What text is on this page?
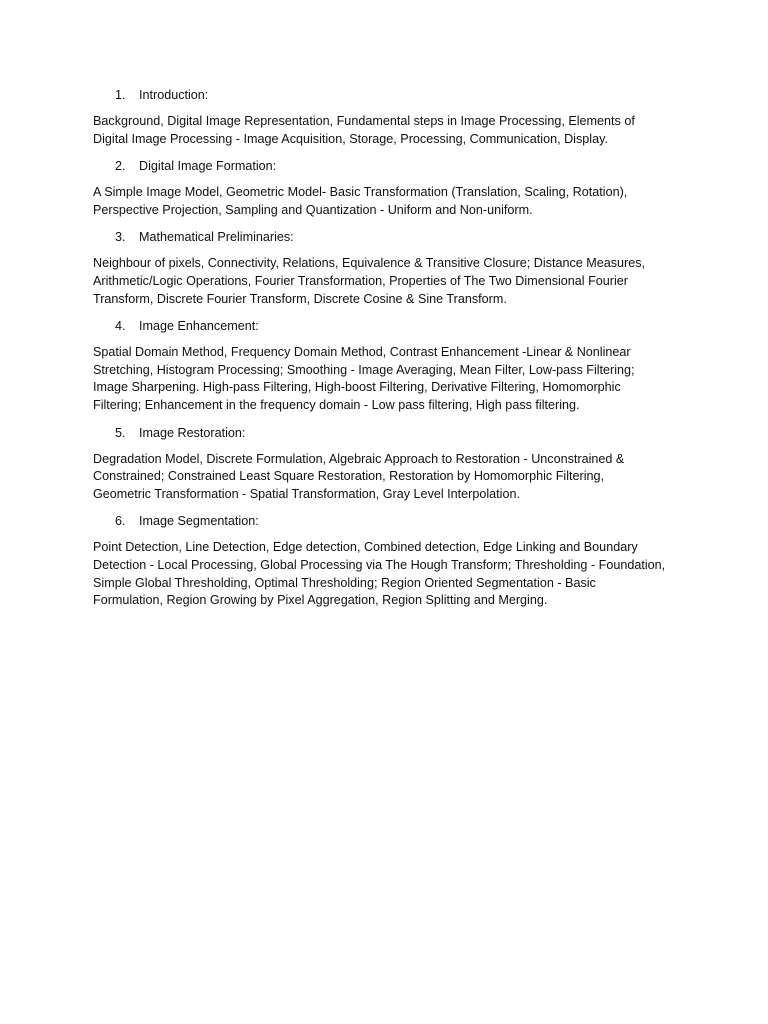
1.	Introduction:
Background, Digital Image Representation, Fundamental steps in Image Processing, Elements of
Digital Image Processing - Image Acquisition, Storage, Processing, Communication, Display.
2.	Digital Image Formation:
A Simple Image Model, Geometric Model- Basic Transformation (Translation, Scaling, Rotation),
Perspective Projection, Sampling and Quantization - Uniform and Non-uniform.
3.	Mathematical Preliminaries:
Neighbour of pixels, Connectivity, Relations, Equivalence & Transitive Closure; Distance Measures,
Arithmetic/Logic Operations, Fourier Transformation, Properties of The Two Dimensional Fourier
Transform, Discrete Fourier Transform, Discrete Cosine & Sine Transform.
4.	Image Enhancement:
Spatial Domain Method, Frequency Domain Method, Contrast Enhancement -Linear & Nonlinear
Stretching, Histogram Processing; Smoothing - Image Averaging, Mean Filter, Low-pass Filtering;
Image Sharpening. High-pass Filtering, High-boost Filtering, Derivative Filtering, Homomorphic
Filtering; Enhancement in the frequency domain - Low pass filtering, High pass filtering.
5.	Image Restoration:
Degradation Model, Discrete Formulation, Algebraic Approach to Restoration - Unconstrained &
Constrained; Constrained Least Square Restoration, Restoration by Homomorphic Filtering,
Geometric Transformation - Spatial Transformation, Gray Level Interpolation.
6.	Image Segmentation:
Point Detection, Line Detection, Edge detection, Combined detection, Edge Linking and Boundary
Detection - Local Processing, Global Processing via The Hough Transform; Thresholding - Foundation,
Simple Global Thresholding, Optimal Thresholding; Region Oriented Segmentation - Basic
Formulation, Region Growing by Pixel Aggregation, Region Splitting and Merging.
